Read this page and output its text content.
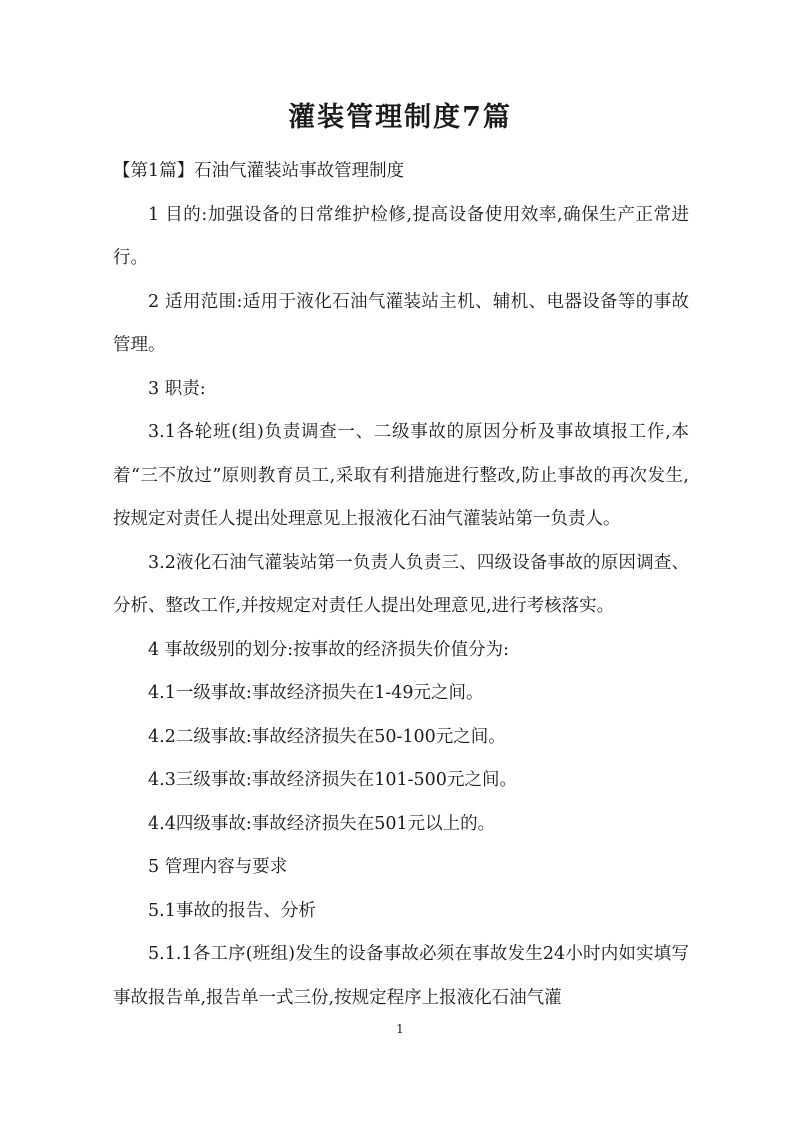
灌装管理制度7篇

【第1篇】石油气灌装站事故管理制度

1 目的:加强设备的日常维护检修,提高设备使用效率,确保生产正常进行。

2 适用范围:适用于液化石油气灌装站主机、辅机、电器设备等的事故管理。

3 职责:

3.1各轮班(组)负责调查一、二级事故的原因分析及事故填报工作,本着“三不放过”原则教育员工,采取有利措施进行整改,防止事故的再次发生,按规定对责任人提出处理意见上报液化石油气灌装站第一负责人。

3.2液化石油气灌装站第一负责人负责三、四级设备事故的原因调查、分析、整改工作,并按规定对责任人提出处理意见,进行考核落实。

4 事故级别的划分:按事故的经济损失价值分为:

4.1一级事故:事故经济损失在1-49元之间。

4.2二级事故:事故经济损失在50-100元之间。

4.3三级事故:事故经济损失在101-500元之间。

4.4四级事故:事故经济损失在501元以上的。

5 管理内容与要求

5.1事故的报告、分析

5.1.1各工序(班组)发生的设备事故必须在事故发生24小时内如实填写事故报告单,报告单一式三份,按规定程序上报液化石油气灌

1
